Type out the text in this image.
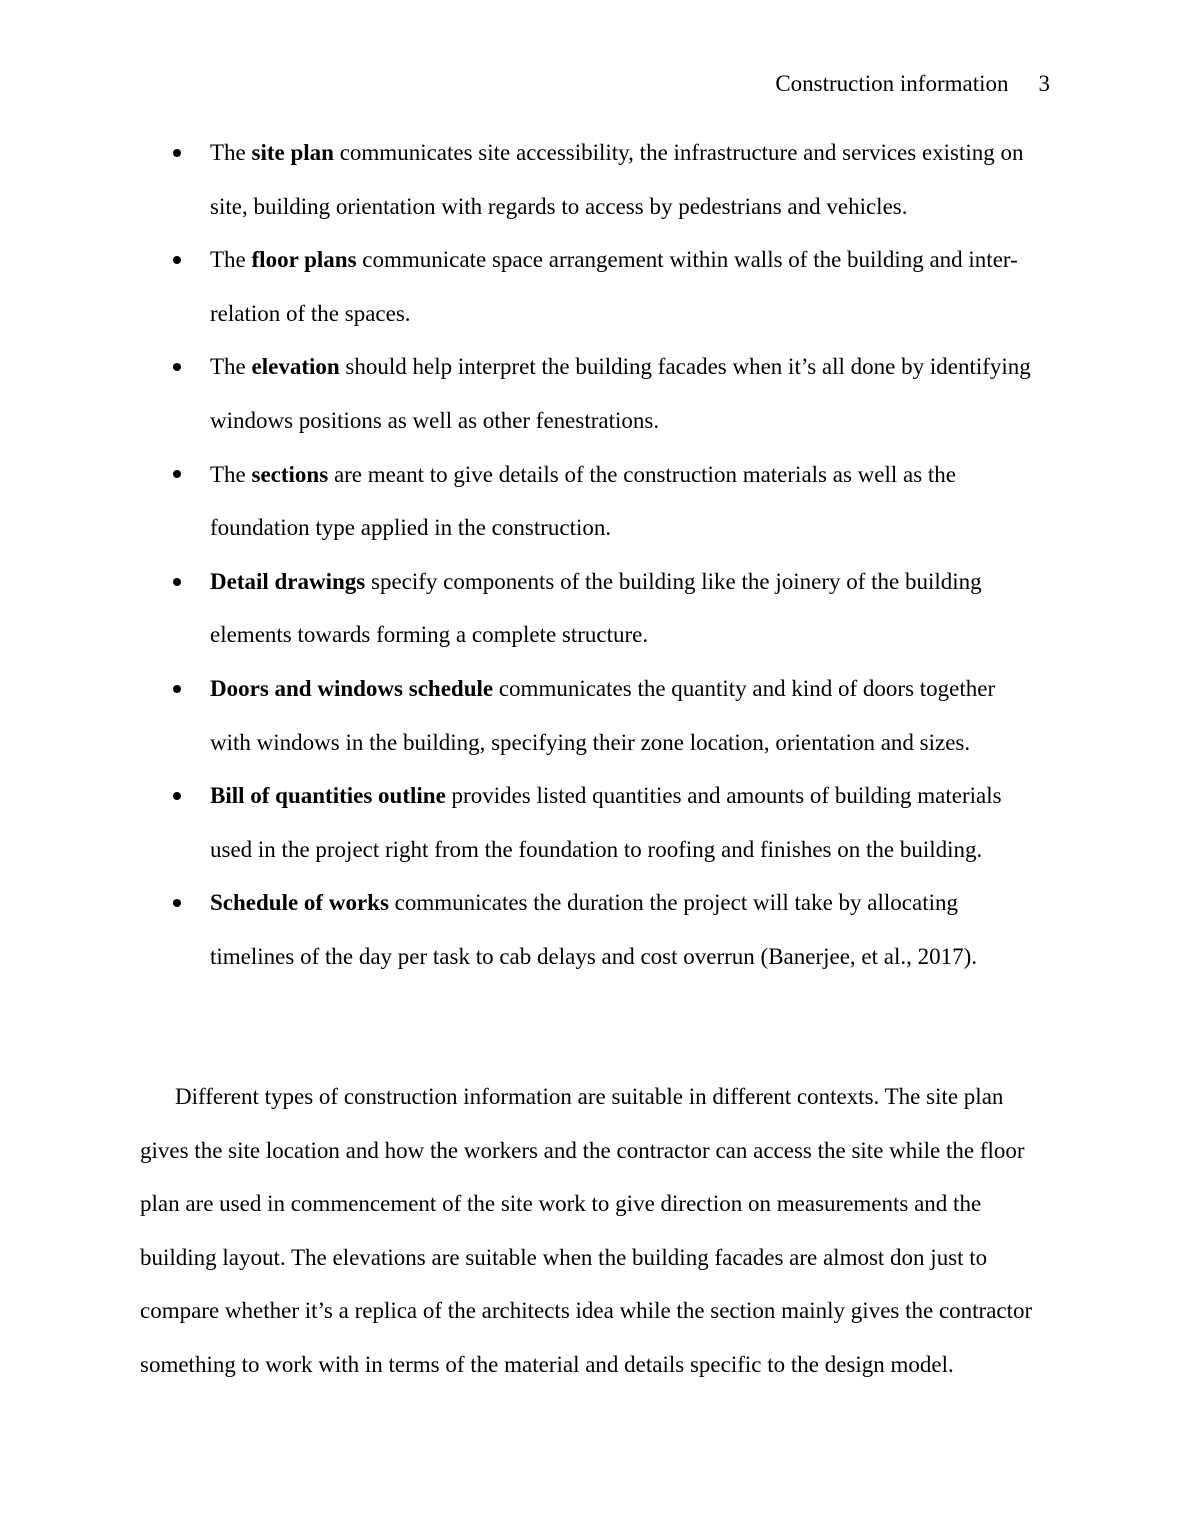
Construction information 3
The site plan communicates site accessibility, the infrastructure and services existing on
site, building orientation with regards to access by pedestrians and vehicles.
The floor plans communicate space arrangement within walls of the building and inter-
relation of the spaces.
The elevation should help interpret the building facades when it’s all done by identifying
windows positions as well as other fenestrations.
The sections are meant to give details of the construction materials as well as the
foundation type applied in the construction.
Detail drawings specify components of the building like the joinery of the building
elements towards forming a complete structure.
Doors and windows schedule communicates the quantity and kind of doors together
with windows in the building, specifying their zone location, orientation and sizes.
Bill of quantities outline provides listed quantities and amounts of building materials
used in the project right from the foundation to roofing and finishes on the building.
Schedule of works communicates the duration the project will take by allocating
timelines of the day per task to cab delays and cost overrun (Banerjee, et al., 2017).
Different types of construction information are suitable in different contexts. The site plan
gives the site location and how the workers and the contractor can access the site while the floor
plan are used in commencement of the site work to give direction on measurements and the
building layout. The elevations are suitable when the building facades are almost don just to
compare whether it’s a replica of the architects idea while the section mainly gives the contractor
something to work with in terms of the material and details specific to the design model.
